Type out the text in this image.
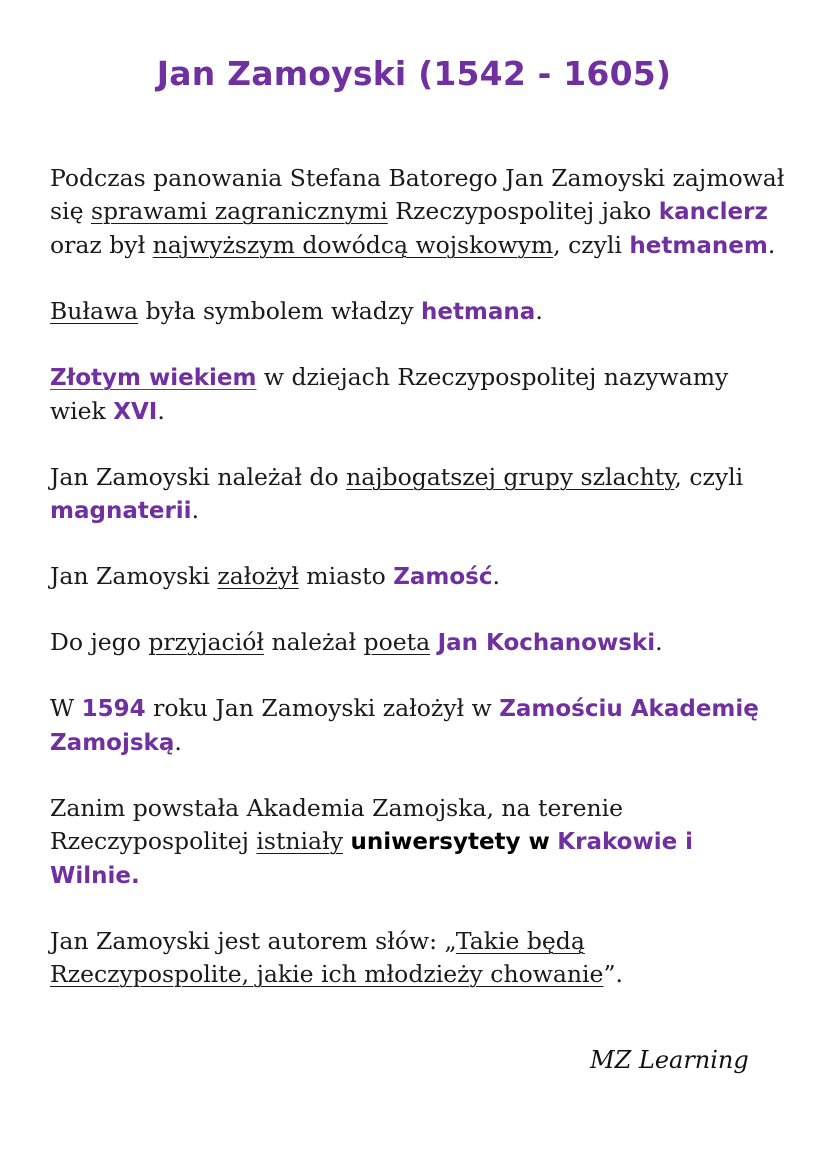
Jan Zamoyski (1542 - 1605)

Podczas panowania Stefana Batorego Jan Zamoyski zajmował się sprawami zagranicznymi Rzeczypospolitej jako kanclerz oraz był najwyższym dowódcą wojskowym, czyli hetmanem.

Buława była symbolem władzy hetmana.

Złotym wiekiem w dziejach Rzeczypospolitej nazywamy wiek XVI.

Jan Zamoyski należał do najbogatszej grupy szlachty, czyli magnaterii.

Jan Zamoyski założył miasto Zamość.

Do jego przyjaciół należał poeta Jan Kochanowski.

W 1594 roku Jan Zamoyski założył w Zamościu Akademię Zamojską.

Zanim powstała Akademia Zamojska, na terenie Rzeczypospolitej istniały uniwersytety w Krakowie i Wilnie.

Jan Zamoyski jest autorem słów: „Takie będą Rzeczypospolite, jakie ich młodzieży chowanie”.

MZ Learning
